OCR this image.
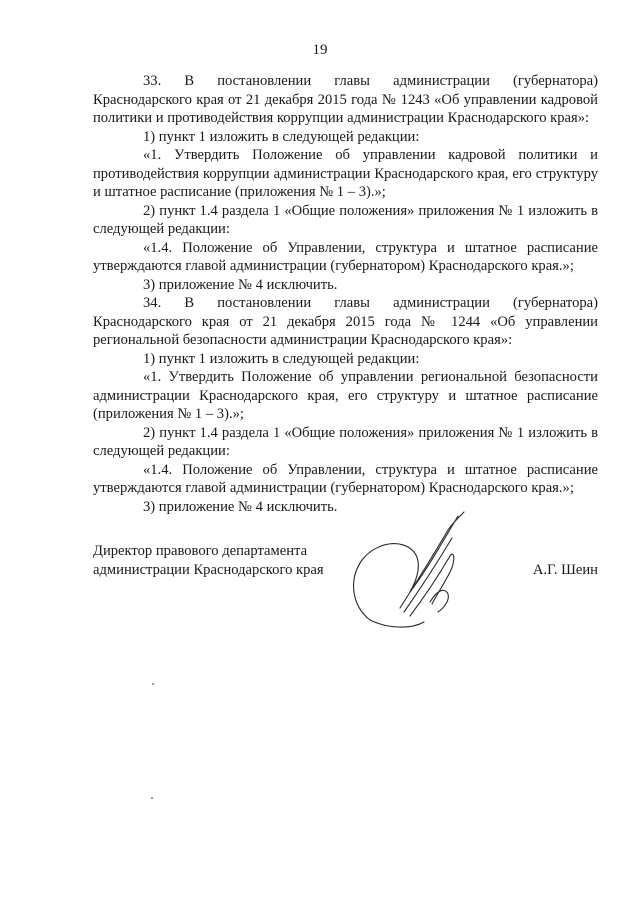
19

33. В постановлении главы администрации (губернатора) Краснодарского края от 21 декабря 2015 года № 1243 «Об управлении кадровой политики и противодействия коррупции администрации Краснодарского края»:

1) пункт 1 изложить в следующей редакции:

«1. Утвердить Положение об управлении кадровой политики и противодействия коррупции администрации Краснодарского края, его структуру и штатное расписание (приложения № 1 – 3).»;

2) пункт 1.4 раздела 1 «Общие положения» приложения № 1 изложить в следующей редакции:

«1.4. Положение об Управлении, структура и штатное расписание утверждаются главой администрации (губернатором) Краснодарского края.»;

3) приложение № 4 исключить.

34. В постановлении главы администрации (губернатора) Краснодарского края от 21 декабря 2015 года № 1244 «Об управлении региональной безопасности администрации Краснодарского края»:

1) пункт 1 изложить в следующей редакции:

«1. Утвердить Положение об управлении региональной безопасности администрации Краснодарского края, его структуру и штатное расписание (приложения № 1 – 3).»;

2) пункт 1.4 раздела 1 «Общие положения» приложения № 1 изложить в следующей редакции:

«1.4. Положение об Управлении, структура и штатное расписание утверждаются главой администрации (губернатором) Краснодарского края.»;

3) приложение № 4 исключить.

Директор правового департамента
администрации Краснодарского края	А.Г. Шеин
